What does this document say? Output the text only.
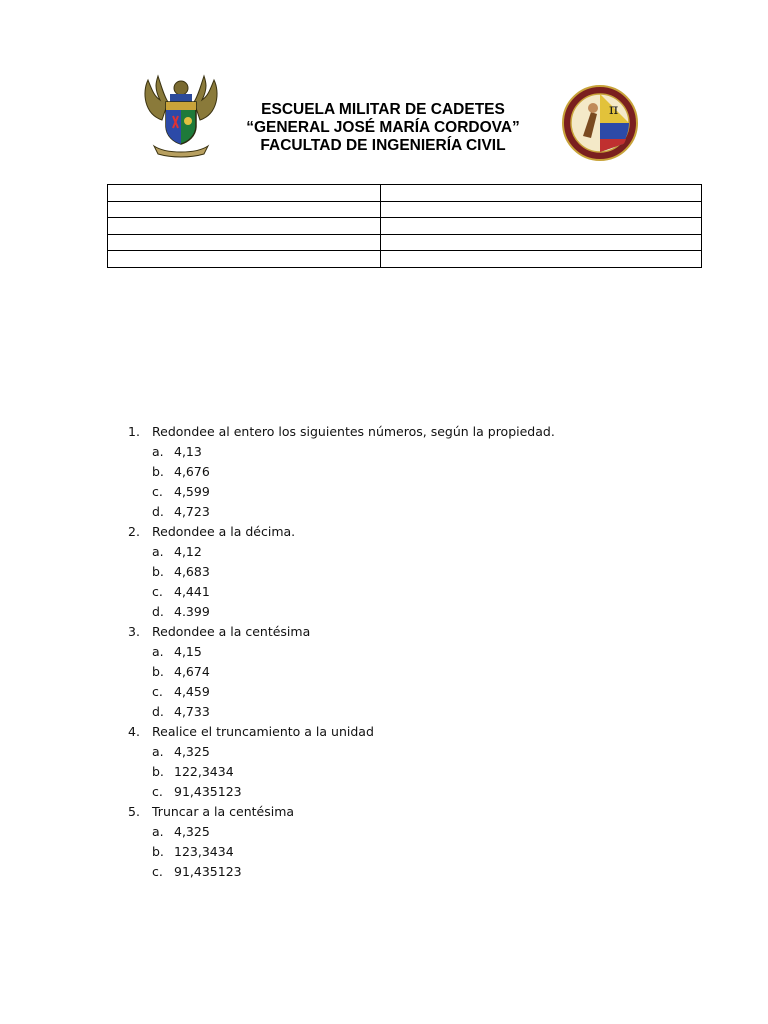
ESCUELA MILITAR DE CADETES
“GENERAL JOSÉ MARÍA CORDOVA”
FACULTAD DE INGENIERÍA CIVIL
π

1. Redondee al entero los siguientes números, según la propiedad.
a. 4,13
b. 4,676
c. 4,599
d. 4,723
2. Redondee a la décima.
a. 4,12
b. 4,683
c. 4,441
d. 4.399
3. Redondee a la centésima
a. 4,15
b. 4,674
c. 4,459
d. 4,733
4. Realice el truncamiento a la unidad
a. 4,325
b. 122,3434
c. 91,435123
5. Truncar a la centésima
a. 4,325
b. 123,3434
c. 91,435123
